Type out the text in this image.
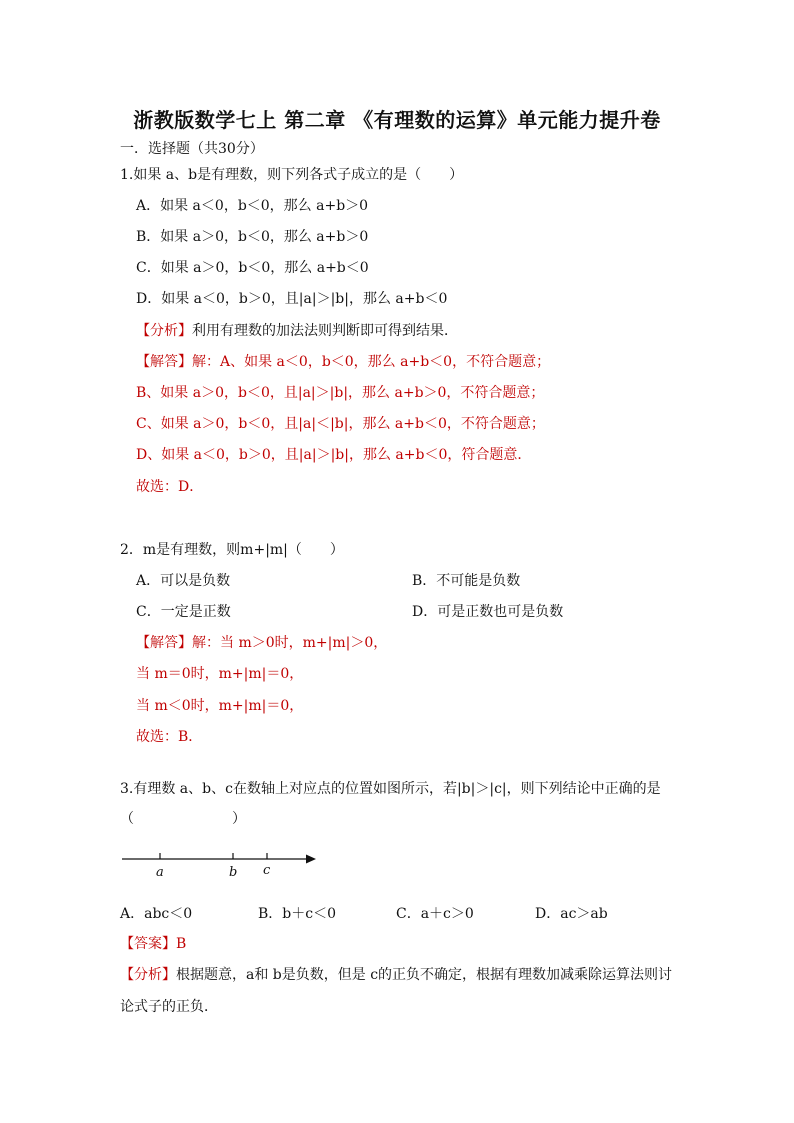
浙教版数学七上 第二章 《有理数的运算》单元能力提升卷
一．选择题（共30分）
1.如果 a、b是有理数，则下列各式子成立的是（　　）
A．如果 a＜0，b＜0，那么 a+b＞0
B．如果 a＞0，b＜0，那么 a+b＞0
C．如果 a＞0，b＜0，那么 a+b＜0
D．如果 a＜0，b＞0，且|a|＞|b|，那么 a+b＜0
【分析】利用有理数的加法法则判断即可得到结果．
【解答】解：A、如果 a＜0，b＜0，那么 a+b＜0，不符合题意；
B、如果 a＞0，b＜0，且|a|＞|b|，那么 a+b＞0，不符合题意；
C、如果 a＞0，b＜0，且|a|＜|b|，那么 a+b＜0，不符合题意；
D、如果 a＜0，b＞0，且|a|＞|b|，那么 a+b＜0，符合题意．
故选：D．
2．m是有理数，则m+|m|（　　）
A．可以是负数	B．不可能是负数
C．一定是正数	D．可是正数也可是负数
【解答】解：当 m＞0时，m+|m|＞0，
当 m＝0时，m+|m|＝0，
当 m＜0时，m+|m|＝0，
故选：B．
3.有理数 a、b、c在数轴上对应点的位置如图所示，若|b|＞|c|，则下列结论中正确的是
（　　　　　　　）
a	b c
A．abc＜0	B．b＋c＜0	C．a＋c＞0	D．ac＞ab
【答案】B
【分析】根据题意，a和 b是负数，但是 c的正负不确定，根据有理数加减乘除运算法则讨
论式子的正负．
